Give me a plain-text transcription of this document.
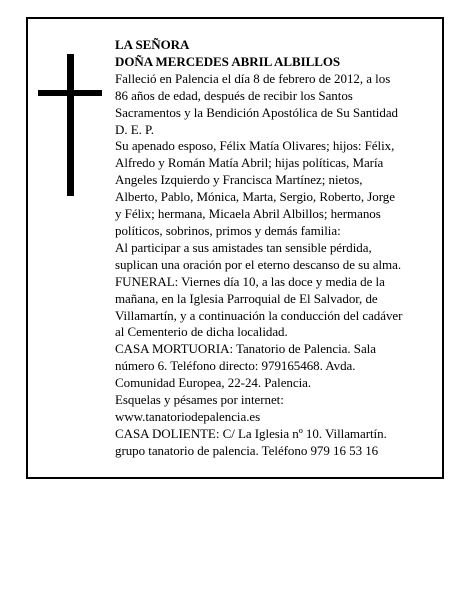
LA SEÑORA

DOÑA MERCEDES ABRIL ALBILLOS

Falleció en Palencia el día 8 de febrero de 2012, a los

86 años de edad, después de recibir los Santos

Sacramentos y la Bendición Apostólica de Su Santidad

D. E. P.

Su apenado esposo, Félix Matía Olivares; hijos: Félix,

Alfredo y Román Matía Abril; hijas políticas, María

Angeles Izquierdo y Francisca Martínez; nietos,

Alberto, Pablo, Mónica, Marta, Sergio, Roberto, Jorge

y Félix; hermana, Micaela Abril Albillos; hermanos

políticos, sobrinos, primos y demás familia:

Al participar a sus amistades tan sensible pérdida,

suplican una oración por el eterno descanso de su alma.

FUNERAL: Viernes día 10, a las doce y media de la

mañana, en la Iglesia Parroquial de El Salvador, de

Villamartín, y a continuación la conducción del cadáver

al Cementerio de dicha localidad.

CASA MORTUORIA: Tanatorio de Palencia. Sala

número 6. Teléfono directo: 979165468. Avda.

Comunidad Europea, 22-24. Palencia.

Esquelas y pésames por internet:

www.tanatoriodepalencia.es

CASA DOLIENTE: C/ La Iglesia nº 10. Villamartín.

grupo tanatorio de palencia. Teléfono 979 16 53 16
